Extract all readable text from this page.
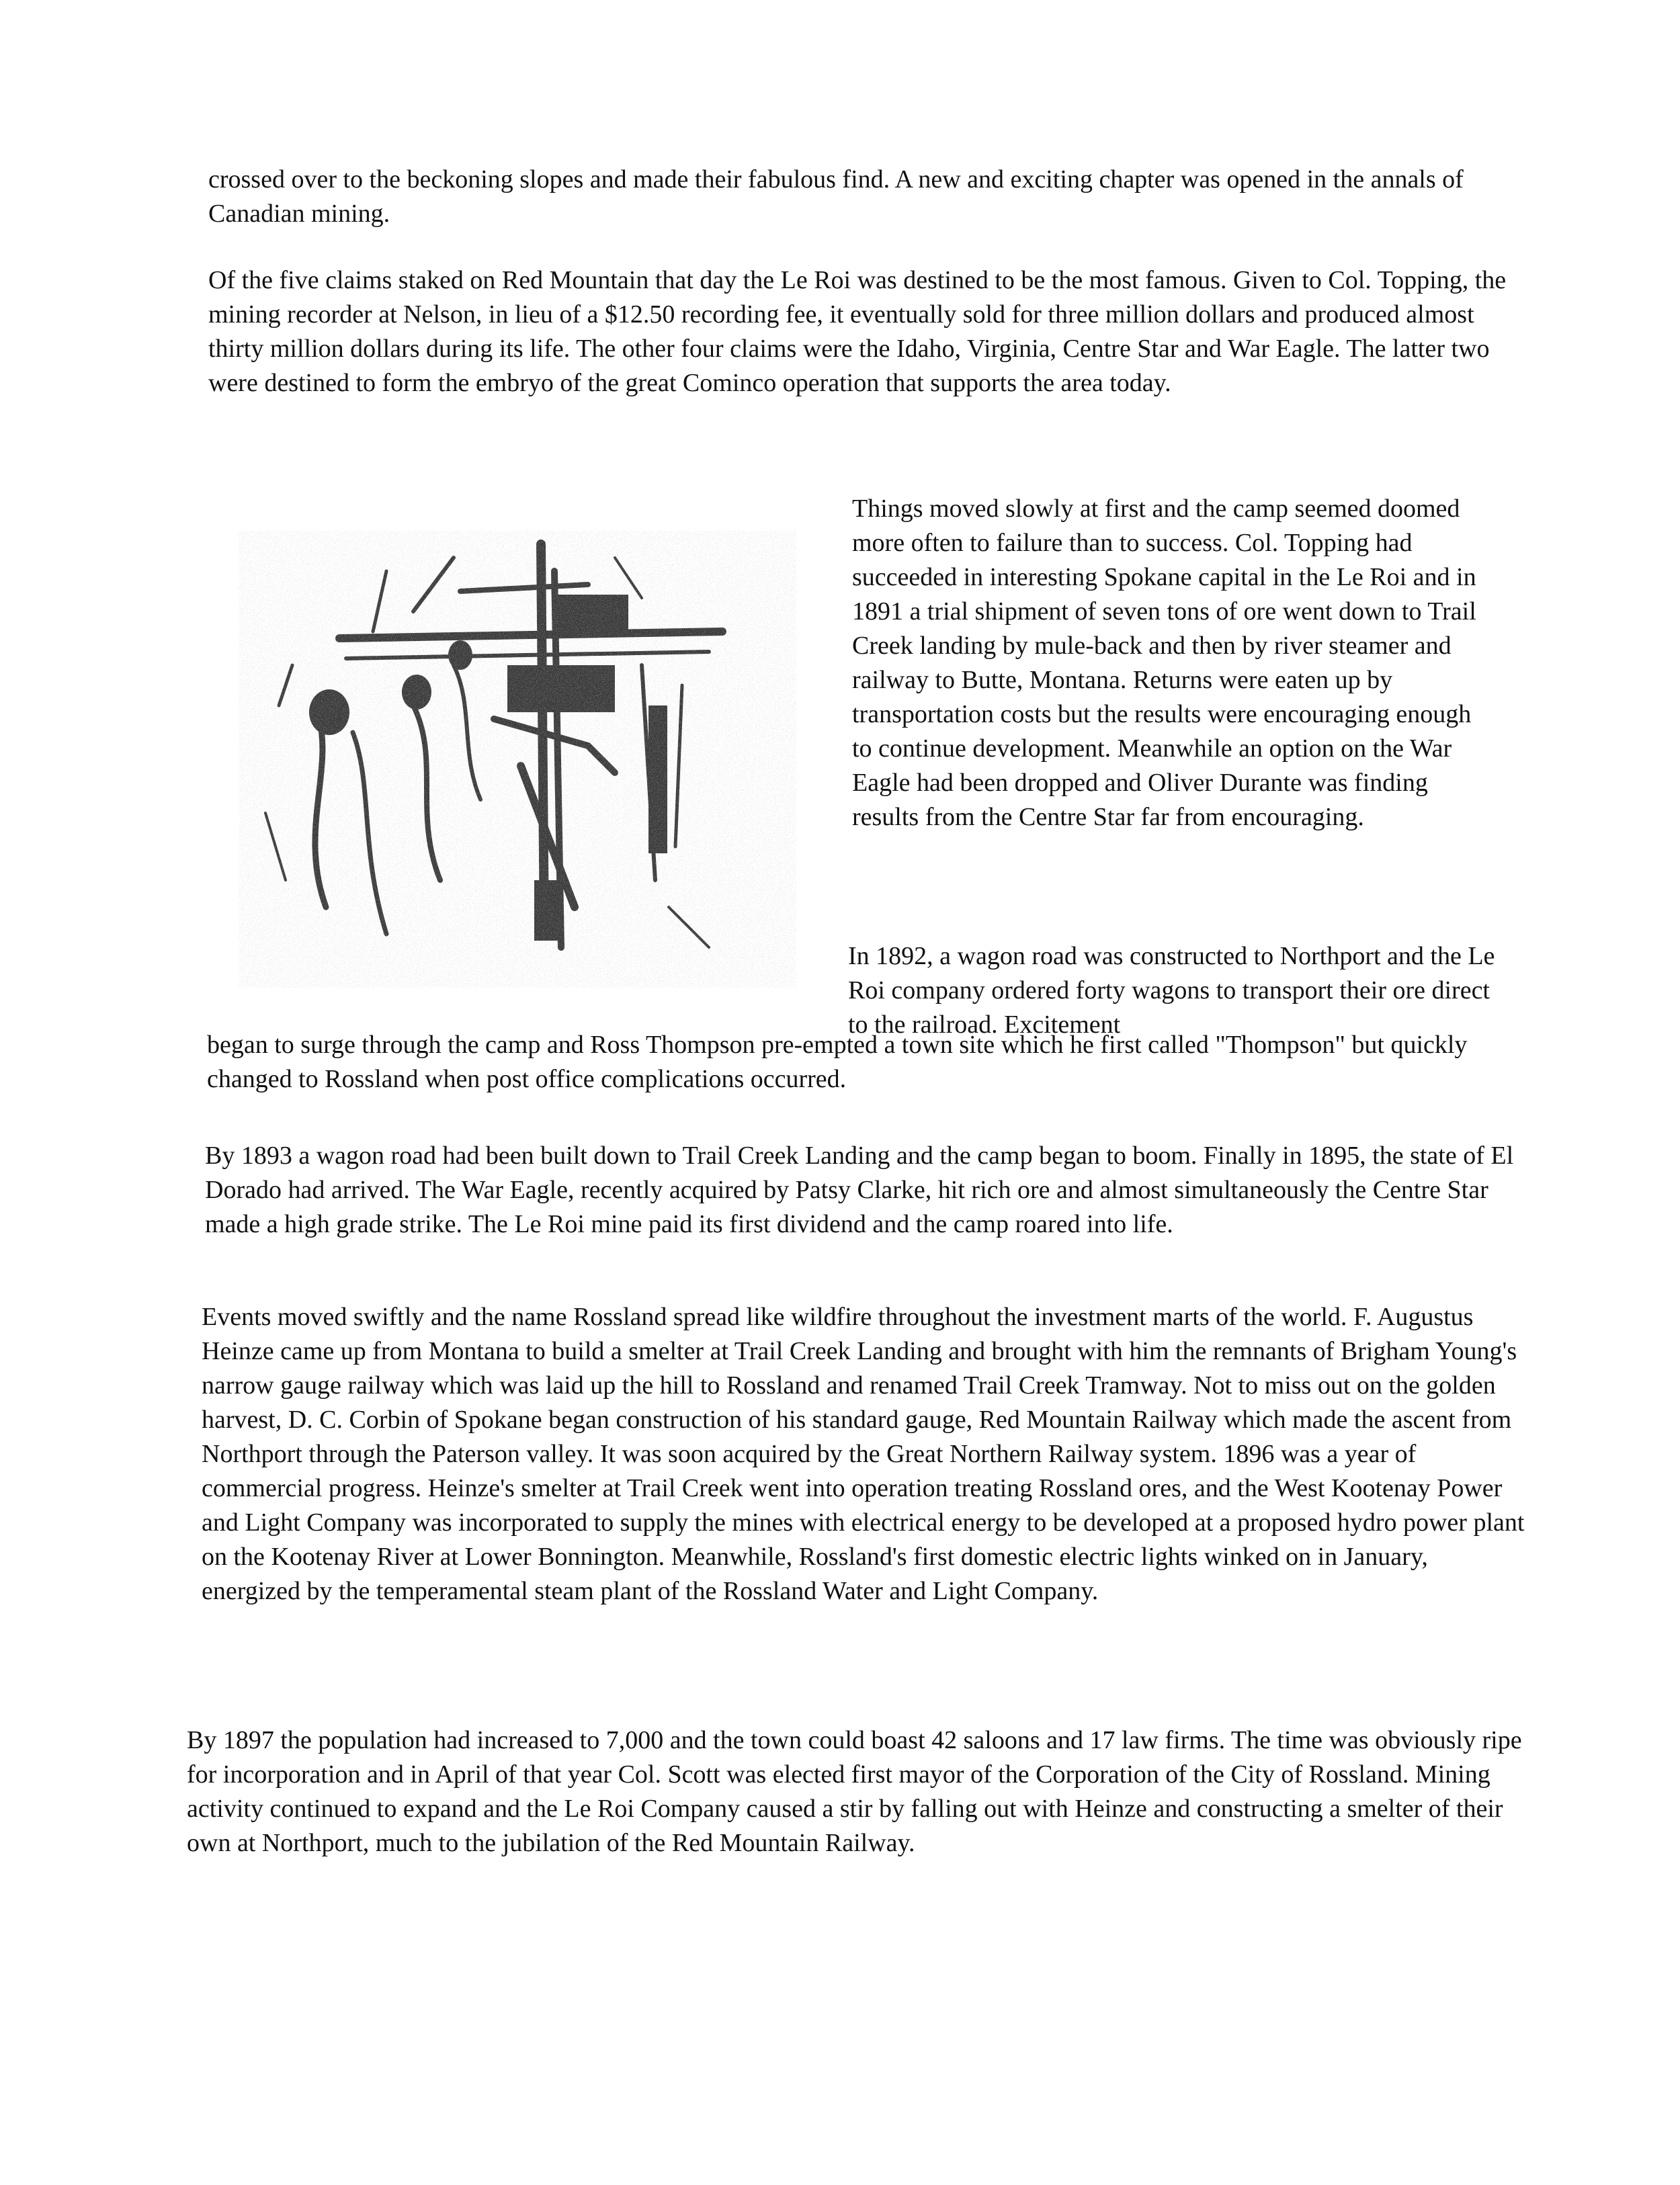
crossed over to the beckoning slopes and made their fabulous find. A new and exciting chapter was opened in the annals of Canadian mining.

Of the five claims staked on Red Mountain that day the Le Roi was destined to be the most famous. Given to Col. Topping, the mining recorder at Nelson, in lieu of a $12.50 recording fee, it eventually sold for three million dollars and produced almost thirty million dollars during its life. The other four claims were the Idaho, Virginia, Centre Star and War Eagle. The latter two were destined to form the embryo of the great Cominco operation that supports the area today.

Things moved slowly at first and the camp seemed doomed more often to failure than to success. Col. Topping had succeeded in interesting Spokane capital in the Le Roi and in 1891 a trial shipment of seven tons of ore went down to Trail Creek landing by mule-back and then by river steamer and railway to Butte, Montana. Returns were eaten up by transportation costs but the results were encouraging enough to continue development. Meanwhile an option on the War Eagle had been dropped and Oliver Durante was finding results from the Centre Star far from encouraging.

In 1892, a wagon road was constructed to Northport and the Le Roi company ordered forty wagons to transport their ore direct to the railroad. Excitement

began to surge through the camp and Ross Thompson pre-empted a town site which he first called "Thompson" but quickly changed to Rossland when post office complications occurred.

By 1893 a wagon road had been built down to Trail Creek Landing and the camp began to boom. Finally in 1895, the state of El Dorado had arrived. The War Eagle, recently acquired by Patsy Clarke, hit rich ore and almost simultaneously the Centre Star made a high grade strike. The Le Roi mine paid its first dividend and the camp roared into life.

Events moved swiftly and the name Rossland spread like wildfire throughout the investment marts of the world. F. Augustus Heinze came up from Montana to build a smelter at Trail Creek Landing and brought with him the remnants of Brigham Young's narrow gauge railway which was laid up the hill to Rossland and renamed Trail Creek Tramway. Not to miss out on the golden harvest, D. C. Corbin of Spokane began construction of his standard gauge, Red Mountain Railway which made the ascent from Northport through the Paterson valley. It was soon acquired by the Great Northern Railway system. 1896 was a year of commercial progress. Heinze's smelter at Trail Creek went into operation treating Rossland ores, and the West Kootenay Power and Light Company was incorporated to supply the mines with electrical energy to be developed at a proposed hydro power plant on the Kootenay River at Lower Bonnington. Meanwhile, Rossland's first domestic electric lights winked on in January, energized by the temperamental steam plant of the Rossland Water and Light Company.

By 1897 the population had increased to 7,000 and the town could boast 42 saloons and 17 law firms. The time was obviously ripe for incorporation and in April of that year Col. Scott was elected first mayor of the Corporation of the City of Rossland. Mining activity continued to expand and the Le Roi Company caused a stir by falling out with Heinze and constructing a smelter of their own at Northport, much to the jubilation of the Red Mountain Railway.
